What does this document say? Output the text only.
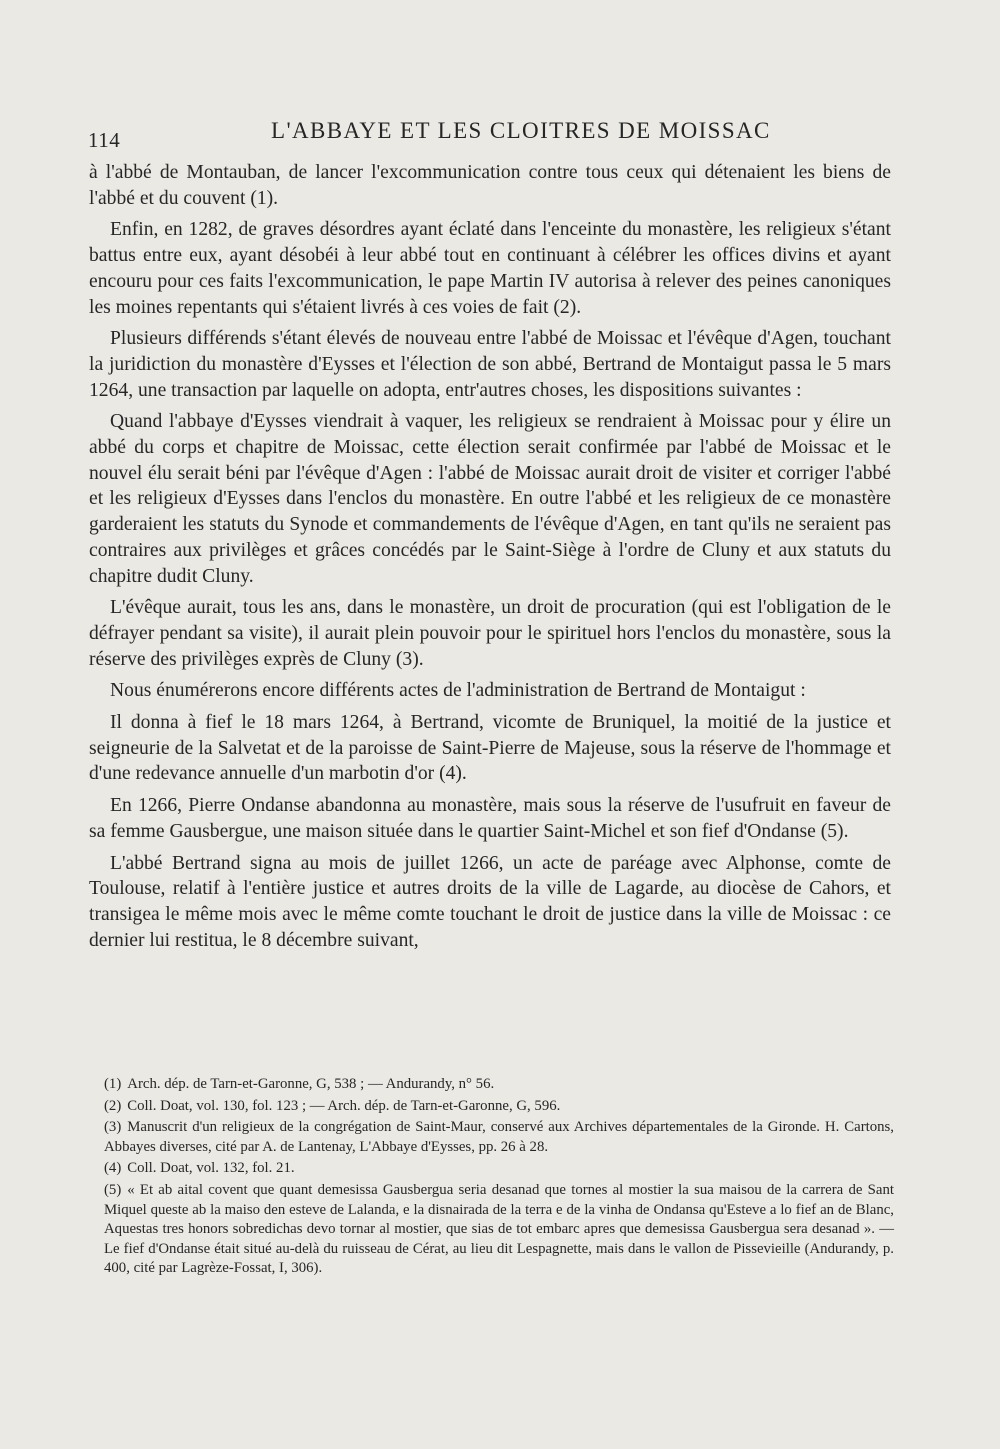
114	L'ABBAYE ET LES CLOITRES DE MOISSAC

à l'abbé de Montauban, de lancer l'excommunication contre tous ceux qui détenaient les biens de l'abbé et du couvent (1).

Enfin, en 1282, de graves désordres ayant éclaté dans l'enceinte du monastère, les religieux s'étant battus entre eux, ayant désobéi à leur abbé tout en continuant à célébrer les offices divins et ayant encouru pour ces faits l'excommunication, le pape Martin IV autorisa à relever des peines canoniques les moines repentants qui s'étaient livrés à ces voies de fait (2).

Plusieurs différends s'étant élevés de nouveau entre l'abbé de Moissac et l'évêque d'Agen, touchant la juridiction du monastère d'Eysses et l'élection de son abbé, Bertrand de Montaigut passa le 5 mars 1264, une transaction par laquelle on adopta, entr'autres choses, les dispositions suivantes :

Quand l'abbaye d'Eysses viendrait à vaquer, les religieux se rendraient à Moissac pour y élire un abbé du corps et chapitre de Moissac, cette élection serait confirmée par l'abbé de Moissac et le nouvel élu serait béni par l'évêque d'Agen : l'abbé de Moissac aurait droit de visiter et corriger l'abbé et les religieux d'Eysses dans l'enclos du monastère. En outre l'abbé et les religieux de ce monastère garderaient les statuts du Synode et commandements de l'évêque d'Agen, en tant qu'ils ne seraient pas contraires aux privilèges et grâces concédés par le Saint-Siège à l'ordre de Cluny et aux statuts du chapitre dudit Cluny.

L'évêque aurait, tous les ans, dans le monastère, un droit de procuration (qui est l'obligation de le défrayer pendant sa visite), il aurait plein pouvoir pour le spirituel hors l'enclos du monastère, sous la réserve des privilèges exprès de Cluny (3).

Nous énumérerons encore différents actes de l'administration de Bertrand de Montaigut :

Il donna à fief le 18 mars 1264, à Bertrand, vicomte de Bruniquel, la moitié de la justice et seigneurie de la Salvetat et de la paroisse de Saint-Pierre de Majeuse, sous la réserve de l'hommage et d'une redevance annuelle d'un marbotin d'or (4).

En 1266, Pierre Ondanse abandonna au monastère, mais sous la réserve de l'usufruit en faveur de sa femme Gausbergue, une maison située dans le quartier Saint-Michel et son fief d'Ondanse (5).

L'abbé Bertrand signa au mois de juillet 1266, un acte de paréage avec Alphonse, comte de Toulouse, relatif à l'entière justice et autres droits de la ville de Lagarde, au diocèse de Cahors, et transigea le même mois avec le même comte touchant le droit de justice dans la ville de Moissac : ce dernier lui restitua, le 8 décembre suivant,

(1) Arch. dép. de Tarn-et-Garonne, G, 538 ; — Andurandy, n° 56.

(2) Coll. Doat, vol. 130, fol. 123 ; — Arch. dép. de Tarn-et-Garonne, G, 596.

(3) Manuscrit d'un religieux de la congrégation de Saint-Maur, conservé aux Archives départementales de la Gironde. H. Cartons, Abbayes diverses, cité par A. de Lantenay, L'Abbaye d'Eysses, pp. 26 à 28.

(4) Coll. Doat, vol. 132, fol. 21.

(5) « Et ab aital covent que quant demesissa Gausbergua seria desanad que tornes al mostier la sua maisou de la carrera de Sant Miquel queste ab la maiso den esteve de Lalanda, e la disnairada de la terra e de la vinha de Ondansa qu'Esteve a lo fief an de Blanc, Aquestas tres honors sobredichas devo tornar al mostier, que sias de tot embarc apres que demesissa Gausbergua sera desanad ». — Le fief d'Ondanse était situé au-delà du ruisseau de Cérat, au lieu dit Lespagnette, mais dans le vallon de Pissevieille (Andurandy, p. 400, cité par Lagrèze-Fossat, I, 306).
